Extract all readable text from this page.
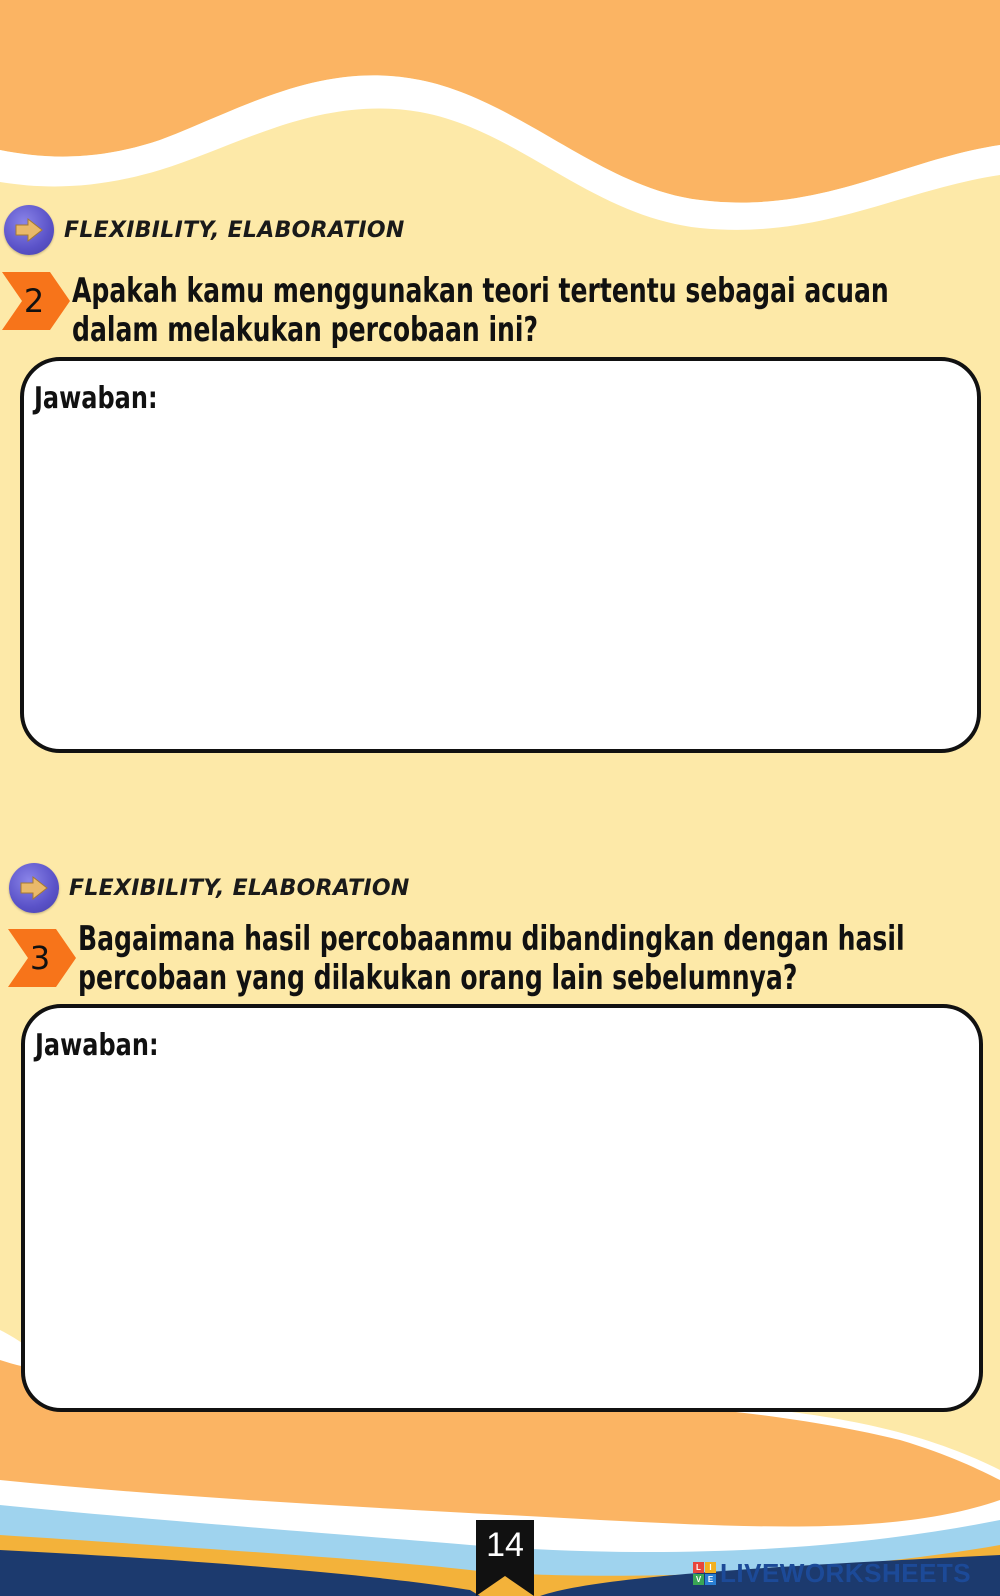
FLEXIBILITY, ELABORATION
2 Apakah kamu menggunakan teori tertentu sebagai acuan
dalam melakukan percobaan ini?
Jawaban:
FLEXIBILITY, ELABORATION
3 Bagaimana hasil percobaanmu dibandingkan dengan hasil
percobaan yang dilakukan orang lain sebelumnya?
Jawaban:
14
L	I
V E LIVEWORKSHEETS
